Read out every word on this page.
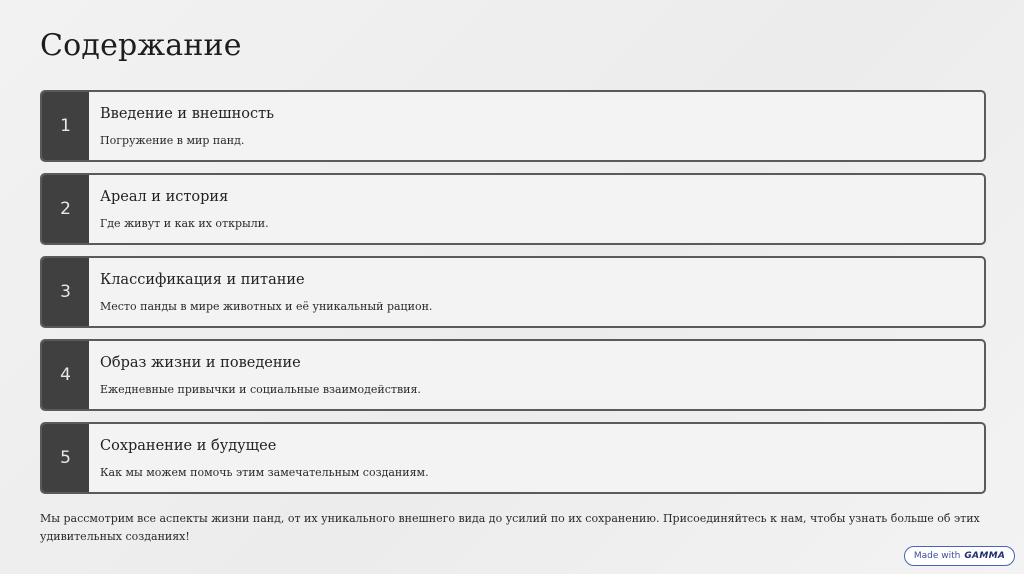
Содержание
1
Введение и внешность
Погружение в мир панд.
2
Ареал и история
Где живут и как их открыли.
3
Классификация и питание
Место панды в мире животных и её уникальный рацион.
4
Образ жизни и поведение
Ежедневные привычки и социальные взаимодействия.
5
Сохранение и будущее
Как мы можем помочь этим замечательным созданиям.

Мы рассмотрим все аспекты жизни панд, от их уникального внешнего вида до усилий по их сохранению. Присоединяйтесь к нам, чтобы узнать больше об этих удивительных созданиях!

Made with GAMMA
